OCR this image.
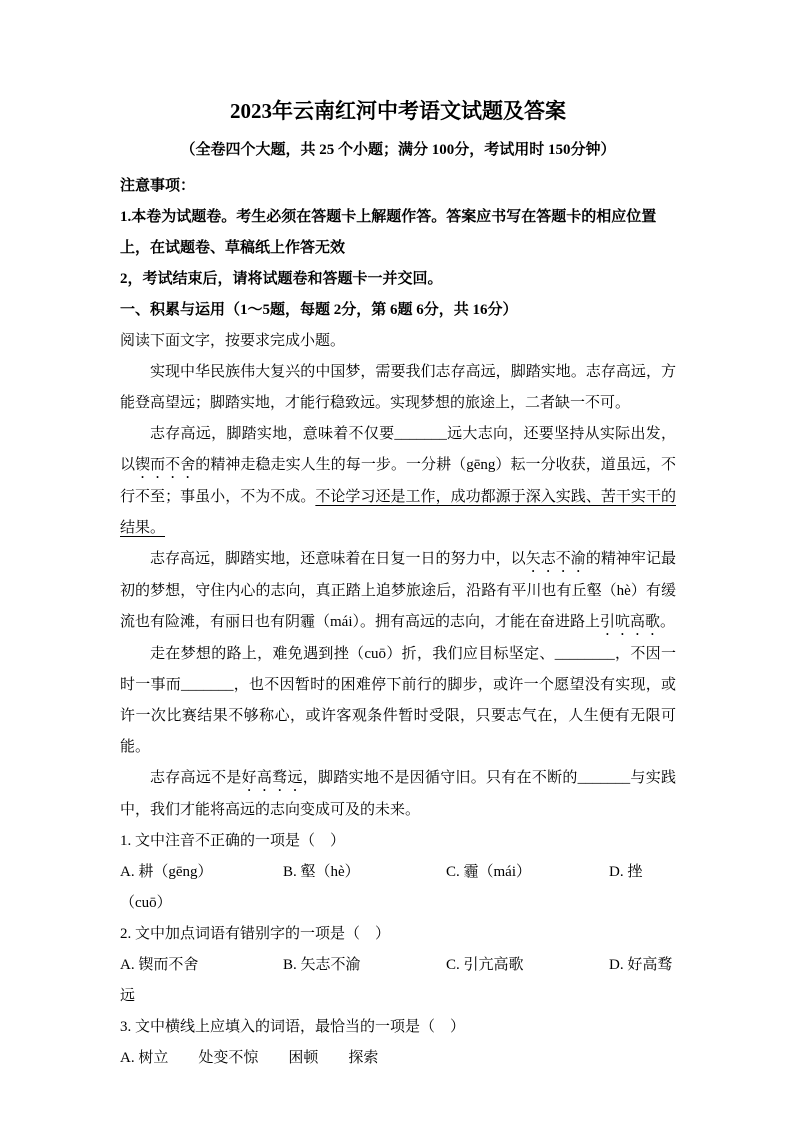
2023年云南红河中考语文试题及答案
（全卷四个大题，共 25 个小题；满分 100分，考试用时 150分钟）

注意事项：

1.本卷为试题卷。考生必须在答题卡上解题作答。答案应书写在答题卡的相应位置上，在试题卷、草稿纸上作答无效

2，考试结束后，请将试题卷和答题卡一并交回。

一、积累与运用（1～5题，每题 2分，第 6题 6分，共 16分）

阅读下面文字，按要求完成小题。

实现中华民族伟大复兴的中国梦，需要我们志存高远，脚踏实地。志存高远，方能登高望远；脚踏实地，才能行稳致远。实现梦想的旅途上，二者缺一不可。

志存高远，脚踏实地，意味着不仅要_______远大志向，还要坚持从实际出发，以锲而不舍的精神走稳走实人生的每一步。一分耕（gēng）耘一分收获，道虽远，不行不至；事虽小，不为不成。不论学习还是工作，成功都源于深入实践、苦干实干的结果。

志存高远，脚踏实地，还意味着在日复一日的努力中，以矢志不渝的精神牢记最初的梦想，守住内心的志向，真正踏上追梦旅途后，沿路有平川也有丘壑（hè）有缓流也有险滩，有丽日也有阴霾（mái）。拥有高远的志向，才能在奋进路上引吭高歌。

走在梦想的路上，难免遇到挫（cuō）折，我们应目标坚定、________，不因一时一事而_______，也不因暂时的困难停下前行的脚步，或许一个愿望没有实现，或许一次比赛结果不够称心，或许客观条件暂时受限，只要志气在，人生便有无限可能。

志存高远不是好高骛远，脚踏实地不是因循守旧。只有在不断的_______与实践中，我们才能将高远的志向变成可及的未来。

1. 文中注音不正确的一项是（　）

A. 耕（gēng）	B. 壑（hè）	C. 霾（mái）	D. 挫（cuō）

2. 文中加点词语有错别字的一项是（　）

A. 锲而不舍	B. 矢志不渝	C. 引亢高歌	D. 好高骛远

3. 文中横线上应填入的词语，最恰当的一项是（　）

A. 树立　　处变不惊　　困顿　　探索
